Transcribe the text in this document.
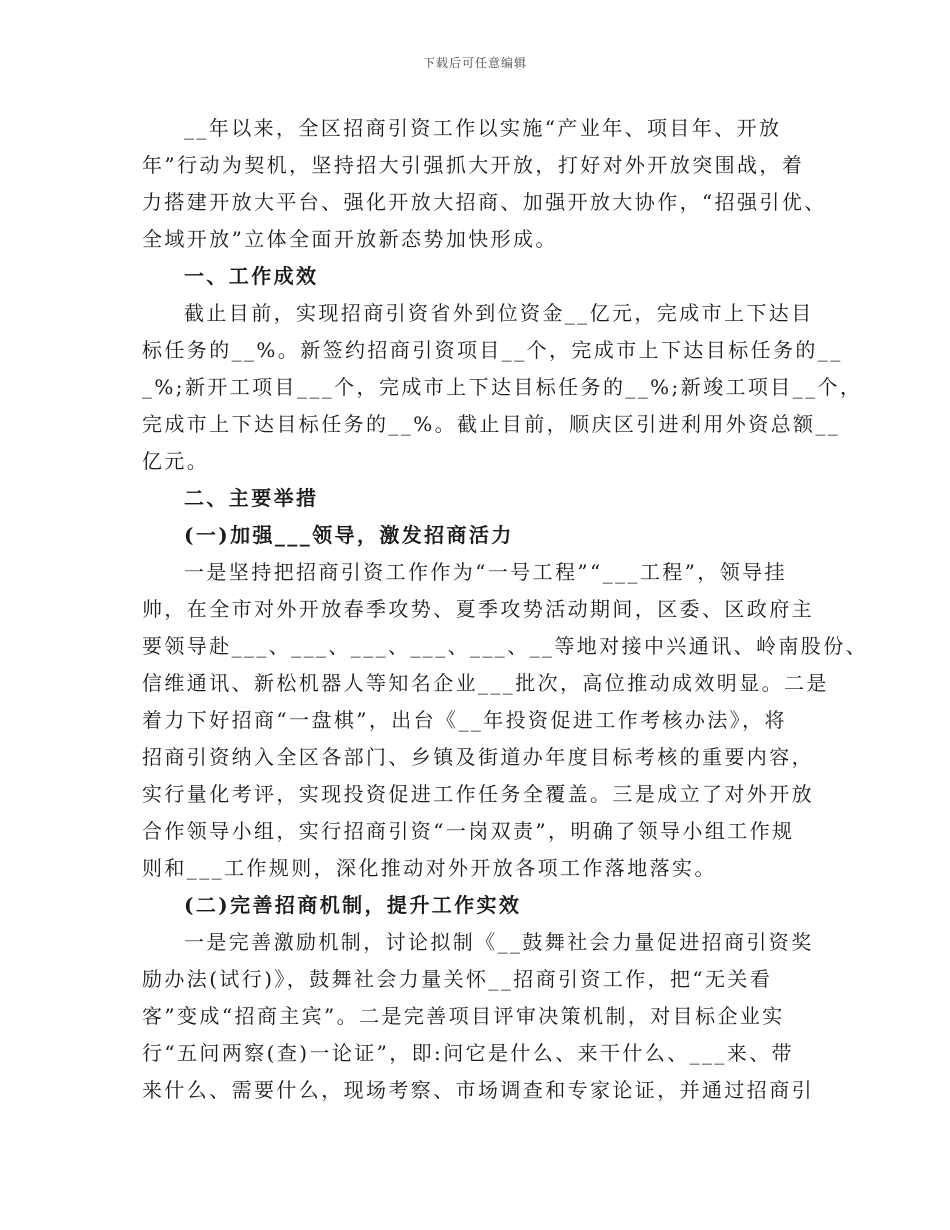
下载后可任意编辑
__年以来，全区招商引资工作以实施“产业年、项目年、开放
年”行动为契机，坚持招大引强抓大开放，打好对外开放突围战，着
力搭建开放大平台、强化开放大招商、加强开放大协作，“招强引优、
全域开放”立体全面开放新态势加快形成。
一、工作成效
截止目前，实现招商引资省外到位资金__亿元，完成市上下达目
标任务的__%。新签约招商引资项目__个，完成市上下达目标任务的__
_%;新开工项目___个，完成市上下达目标任务的__%;新竣工项目__个，
完成市上下达目标任务的__%。截止目前，顺庆区引进利用外资总额__
亿元。
二、主要举措
(一)加强___领导，激发招商活力
一是坚持把招商引资工作作为“一号工程”“___工程”，领导挂
帅，在全市对外开放春季攻势、夏季攻势活动期间，区委、区政府主
要领导赴___、___、___、___、___、__等地对接中兴通讯、岭南股份、
信维通讯、新松机器人等知名企业___批次，高位推动成效明显。二是
着力下好招商“一盘棋”，出台《__年投资促进工作考核办法》，将
招商引资纳入全区各部门、乡镇及街道办年度目标考核的重要内容，
实行量化考评，实现投资促进工作任务全覆盖。三是成立了对外开放
合作领导小组，实行招商引资“一岗双责”，明确了领导小组工作规
则和___工作规则，深化推动对外开放各项工作落地落实。
(二)完善招商机制，提升工作实效
一是完善激励机制，讨论拟制《__鼓舞社会力量促进招商引资奖
励办法(试行)》，鼓舞社会力量关怀__招商引资工作，把“无关看
客”变成“招商主宾”。二是完善项目评审决策机制，对目标企业实
行“五问两察(查)一论证”，即:问它是什么、来干什么、___来、带
来什么、需要什么，现场考察、市场调查和专家论证，并通过招商引
